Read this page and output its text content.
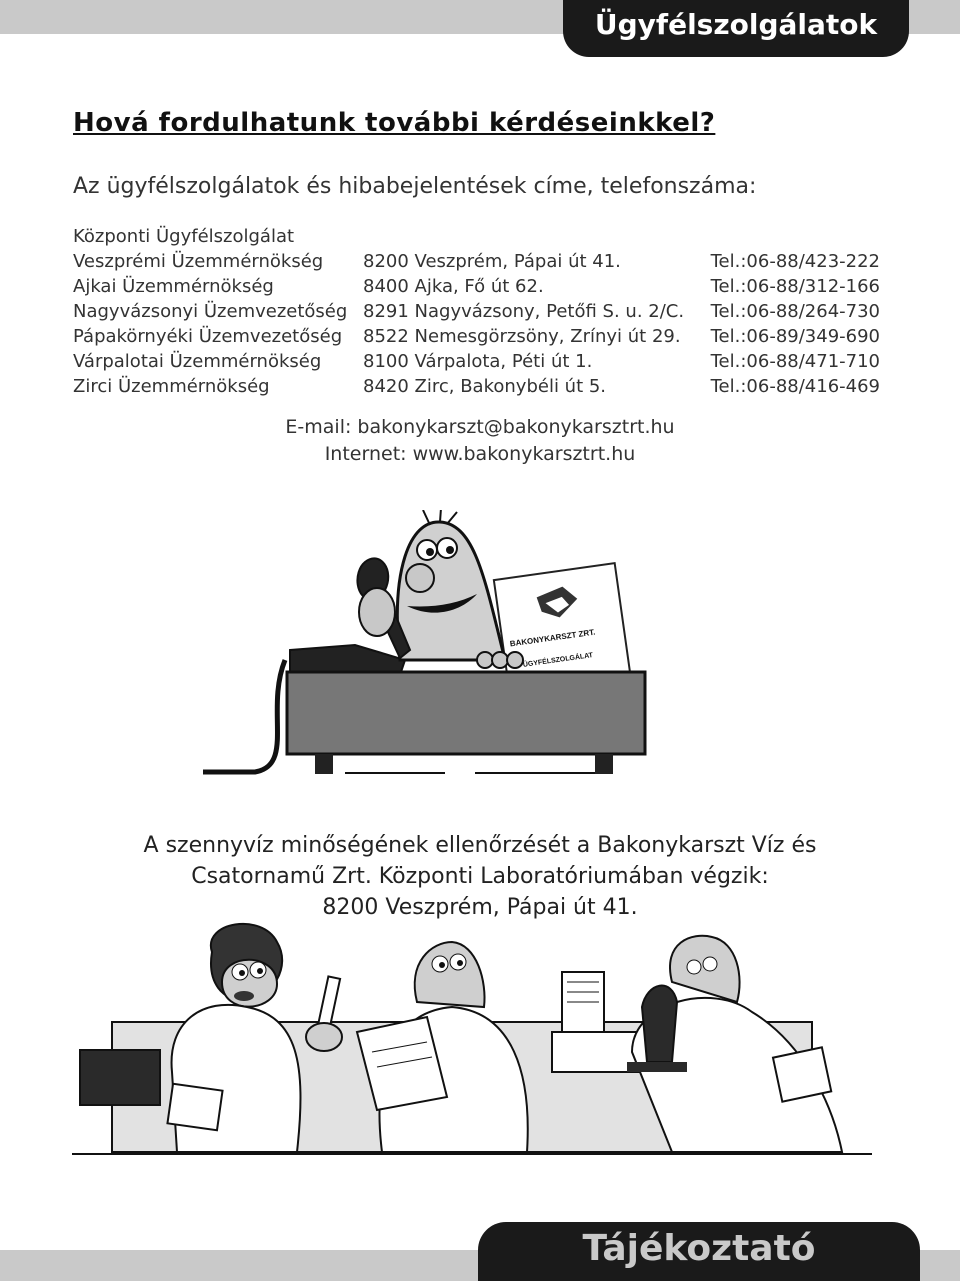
Ügyfélszolgálatok
Hová fordulhatunk további kérdéseinkkel?
Az ügyfélszolgálatok és hibabejelentések címe, telefonszáma:
Központi Ügyfélszolgálat
Veszprémi Üzemmérnökség	8200 Veszprém, Pápai út 41.	Tel.:06-88/423-222
Ajkai Üzemmérnökség	8400 Ajka, Fő út 62.	Tel.:06-88/312-166
Nagyvázsonyi Üzemvezetőség	8291 Nagyvázsony, Petőfi S. u. 2/C.	Tel.:06-88/264-730
Pápakörnyéki Üzemvezetőség	8522 Nemesgörzsöny, Zrínyi út 29.	Tel.:06-89/349-690
Várpalotai Üzemmérnökség	8100 Várpalota, Péti út 1.	Tel.:06-88/471-710
Zirci Üzemmérnökség	8420 Zirc, Bakonybéli út 5.	Tel.:06-88/416-469
E-mail: bakonykarszt@bakonykarsztrt.hu
Internet: www.bakonykarsztrt.hu
BAKONYKARSZT ZRT.
ÜGYFÉLSZOLGÁLAT
A szennyvíz minőségének ellenőrzését a Bakonykarszt Víz és
Csatornamű Zrt. Központi Laboratóriumában végzik:
8200 Veszprém, Pápai út 41.
Tájékoztató
